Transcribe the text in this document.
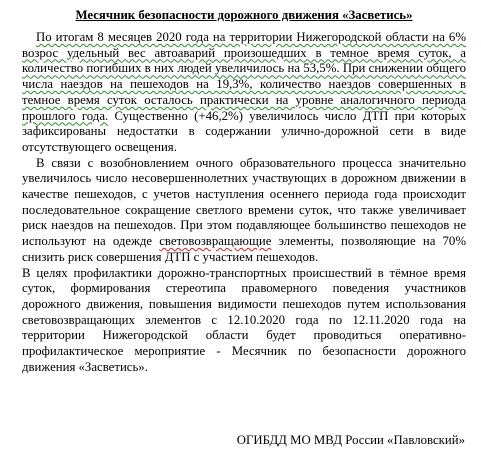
Месячник безопасности дорожного движения «Засветись»

По итогам 8 месяцев 2020 года на территории Нижегородской области на 6% возрос удельный вес автоаварий произошедших в темное время суток, а количество погибших в них людей увеличилось на 53,5%. При снижении общего числа наездов на пешеходов на 19,3%, количество наездов совершенных в темное время суток осталось практически на уровне аналогичного периода прошлого года. Существенно (+46,2%) увеличилось число ДТП при которых зафиксированы недостатки в содержании улично-дорожной сети в виде отсутствующего освещения.

В связи с возобновлением очного образовательного процесса значительно увеличилось число несовершеннолетних участвующих в дорожном движении в качестве пешеходов, с учетов наступления осеннего периода года происходит последовательное сокращение светлого времени суток, что также увеличивает риск наездов на пешеходов. При этом подавляющее большинство пешеходов не используют на одежде световозвращающие элементы, позволяющие на 70% снизить риск совершения ДТП с участием пешеходов.

В целях профилактики дорожно-транспортных происшествий в тёмное время суток, формирования стереотипа правомерного поведения участников дорожного движения, повышения видимости пешеходов путем использования световозвращающих элементов с 12.10.2020 года по 12.11.2020 года на территории Нижегородской области будет проводиться оперативно-профилактическое мероприятие - Месячник по безопасности дорожного движения «Засветись».

ОГИБДД МО МВД России «Павловский»
